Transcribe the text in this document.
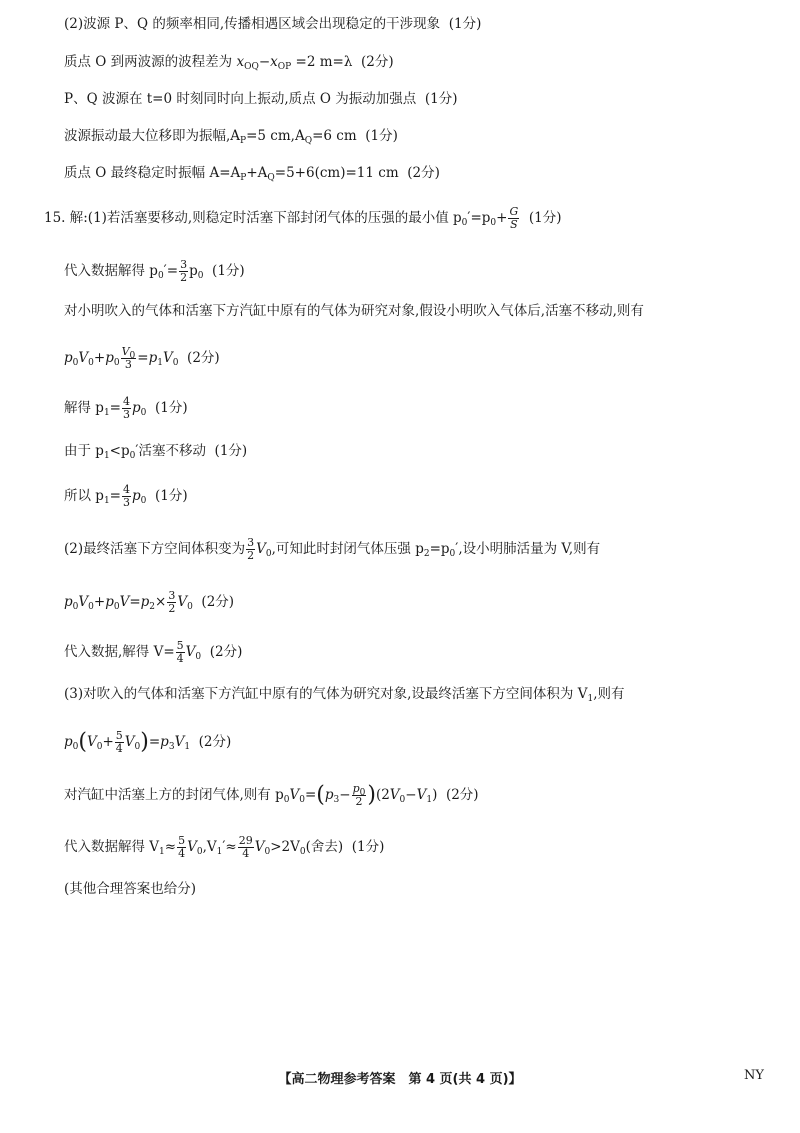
(2)波源 P、Q 的频率相同,传播相遇区域会出现稳定的干涉现象 (1分)
质点 O 到两波源的波程差为 $x_{OQ}-x_{OP} =2$ m=λ (2分)
P、Q 波源在 t=0 时刻同时向上振动,质点 O 为振动加强点 (1分)
波源振动最大位移即为振幅$,A_P=5$ $cm,A_Q=6$ cm (1分)
质点 O 最终稳定时振幅 $A=A_P+A_Q=5+6(cm)=11$ cm (2分)
15. 解:(1)若活塞要移动,则稳定时活塞下部封闭气体的压强的最小值 $p_0'=p_0+ \frac{G}{S} (1$分)
代入数据解得 $p_0'= \frac{3}{2} p_0$ (1分)
对小明吹入的气体和活塞下方汽缸中原有的气体为研究对象,假设小明吹入气体后,活塞不移动,则有
$p_0V_0+p_0 \frac{V_0}{3} =p_1V_0$ (2分)
解得 $p_1= \frac{4}{3} p_0$ (1分)
由于 $p_1<p_0'$活塞不移动 (1分)
所以 $p_1= \frac{4}{3} p_0$ (1分)
(2)最终活塞下方空间体积变为 $\frac{3}{2} V_0$,可知此时封闭气体压强 $p_2=p_0'$,设小明肺活量为 V,则有
$p_0V_0+p_0V=p_2\times \frac{3}{2} V_0$ (2分)
代入数据,解得 $V= \frac{5}{4} V_0$ (2分)
(3)对吹入的气体和活塞下方汽缸中原有的气体为研究对象,设最终活塞下方空间体积为 $V_1$,则有
$p_0(V_0+ \frac{5}{4} V_0)=p_3V_1$ (2分)
对汽缸中活塞上方的封闭气体,则有 $p_0V_0=(p_3- \frac{p_0}{2} )(2V_0-V_1)$  (2分)
代入数据解得 $V_1\approx \frac{5}{4} V_0,V_1'\approx \frac{29}{4} V_0>2V_0$(舍去) (1分)
(其他合理答案也给分)
【高二物理参考答案　第 4 页(共 4 页)】	NY
